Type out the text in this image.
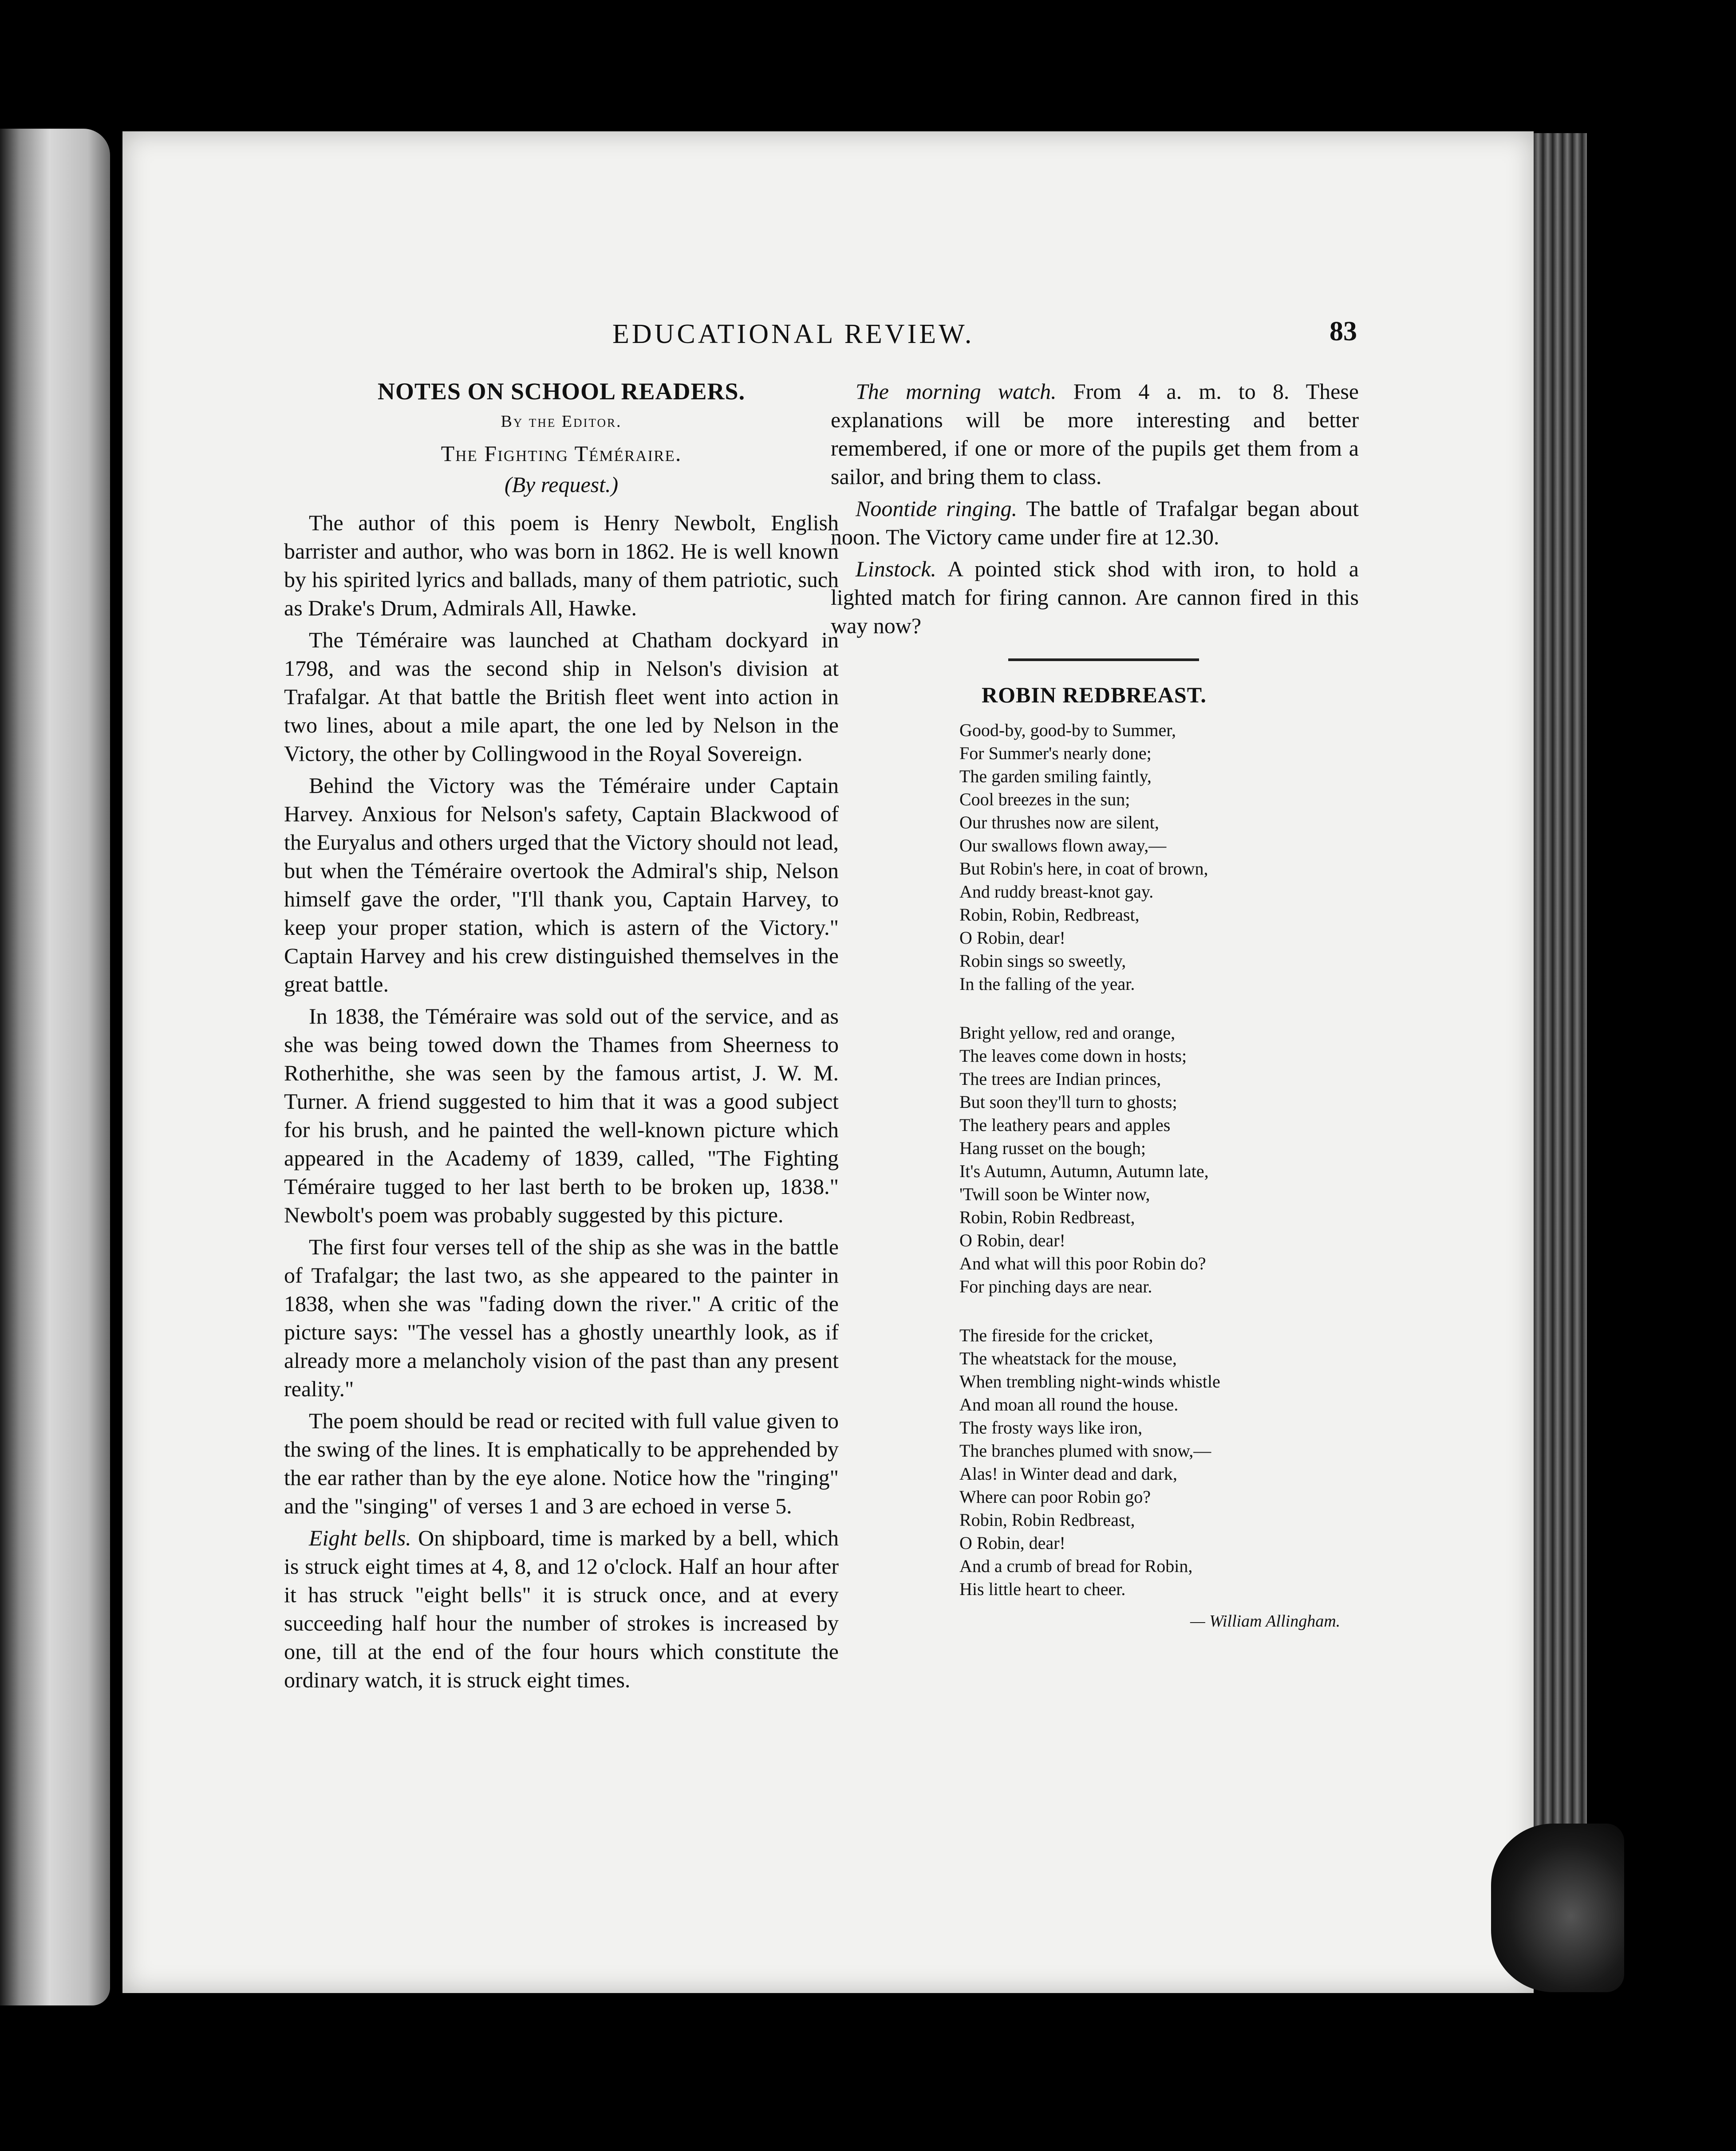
EDUCATIONAL REVIEW.	83
NOTES ON SCHOOL READERS.
By the Editor.
The Fighting Téméraire.
(By request.)

The author of this poem is Henry Newbolt, English barrister and author, who was born in 1862. He is well known by his spirited lyrics and ballads, many of them patriotic, such as Drake's Drum, Admirals All, Hawke.

The Téméraire was launched at Chatham dockyard in 1798, and was the second ship in Nelson's division at Trafalgar. At that battle the British fleet went into action in two lines, about a mile apart, the one led by Nelson in the Victory, the other by Collingwood in the Royal Sovereign.

Behind the Victory was the Téméraire under Captain Harvey. Anxious for Nelson's safety, Captain Blackwood of the Euryalus and others urged that the Victory should not lead, but when the Téméraire overtook the Admiral's ship, Nelson himself gave the order, "I'll thank you, Captain Harvey, to keep your proper station, which is astern of the Victory." Captain Harvey and his crew distinguished themselves in the great battle.

In 1838, the Téméraire was sold out of the service, and as she was being towed down the Thames from Sheerness to Rotherhithe, she was seen by the famous artist, J. W. M. Turner. A friend suggested to him that it was a good subject for his brush, and he painted the well-known picture which appeared in the Academy of 1839, called, "The Fighting Téméraire tugged to her last berth to be broken up, 1838." Newbolt's poem was probably suggested by this picture.

The first four verses tell of the ship as she was in the battle of Trafalgar; the last two, as she appeared to the painter in 1838, when she was "fading down the river." A critic of the picture says: "The vessel has a ghostly unearthly look, as if already more a melancholy vision of the past than any present reality."

The poem should be read or recited with full value given to the swing of the lines. It is emphatically to be apprehended by the ear rather than by the eye alone. Notice how the "ringing" and the "singing" of verses 1 and 3 are echoed in verse 5.

Eight bells. On shipboard, time is marked by a bell, which is struck eight times at 4, 8, and 12 o'clock. Half an hour after it has struck "eight bells" it is struck once, and at every succeeding half hour the number of strokes is increased by one, till at the end of the four hours which constitute the ordinary watch, it is struck eight times.

The morning watch. From 4 a. m. to 8. These explanations will be more interesting and better remembered, if one or more of the pupils get them from a sailor, and bring them to class.

Noontide ringing. The battle of Trafalgar began about noon. The Victory came under fire at 12.30.

Linstock. A pointed stick shod with iron, to hold a lighted match for firing cannon. Are cannon fired in this way now?

ROBIN REDBREAST.
Good-by, good-by to Summer,
For Summer's nearly done;
The garden smiling faintly,
Cool breezes in the sun;
Our thrushes now are silent,
Our swallows flown away,—
But Robin's here, in coat of brown,
And ruddy breast-knot gay.
Robin, Robin, Redbreast,
O Robin, dear!
Robin sings so sweetly,
In the falling of the year.
Bright yellow, red and orange,
The leaves come down in hosts;
The trees are Indian princes,
But soon they'll turn to ghosts;
The leathery pears and apples
Hang russet on the bough;
It's Autumn, Autumn, Autumn late,
'Twill soon be Winter now,
Robin, Robin Redbreast,
O Robin, dear!
And what will this poor Robin do?
For pinching days are near.
The fireside for the cricket,
The wheatstack for the mouse,
When trembling night-winds whistle
And moan all round the house.
The frosty ways like iron,
The branches plumed with snow,—
Alas! in Winter dead and dark,
Where can poor Robin go?
Robin, Robin Redbreast,
O Robin, dear!
And a crumb of bread for Robin,
His little heart to cheer.
— William Allingham.
